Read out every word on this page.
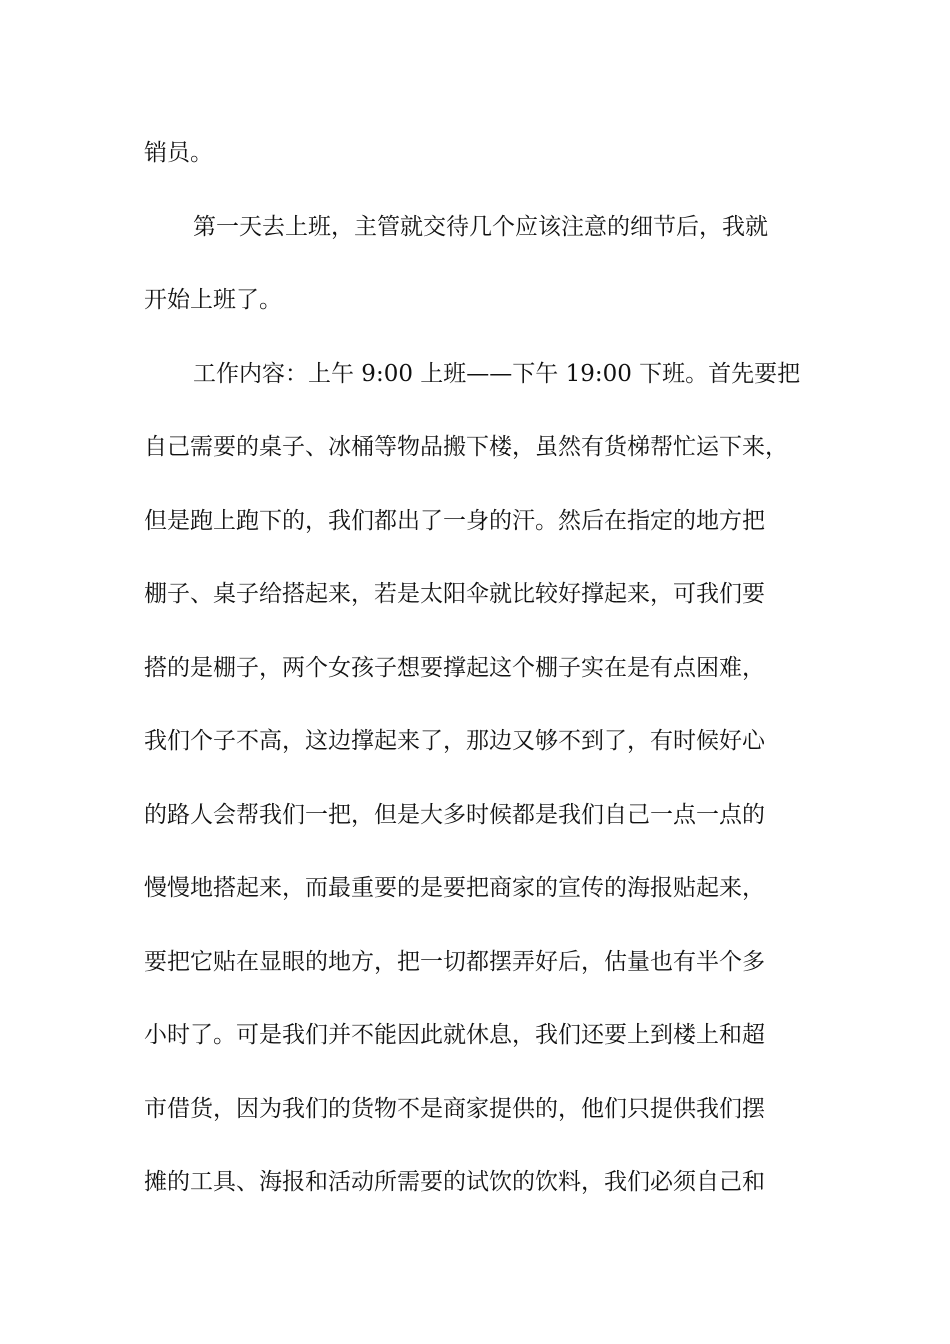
销员。
第一天去上班，主管就交待几个应该注意的细节后，我就
开始上班了。
工作内容：上午 9:00 上班——下午 19:00 下班。首先要把
自己需要的桌子、冰桶等物品搬下楼，虽然有货梯帮忙运下来，
但是跑上跑下的，我们都出了一身的汗。然后在指定的地方把
棚子、桌子给搭起来，若是太阳伞就比较好撑起来，可我们要
搭的是棚子，两个女孩子想要撑起这个棚子实在是有点困难，
我们个子不高，这边撑起来了，那边又够不到了，有时候好心
的路人会帮我们一把，但是大多时候都是我们自己一点一点的
慢慢地搭起来，而最重要的是要把商家的宣传的海报贴起来，
要把它贴在显眼的地方，把一切都摆弄好后，估量也有半个多
小时了。可是我们并不能因此就休息，我们还要上到楼上和超
市借货，因为我们的货物不是商家提供的，他们只提供我们摆
摊的工具、海报和活动所需要的试饮的饮料，我们必须自己和
